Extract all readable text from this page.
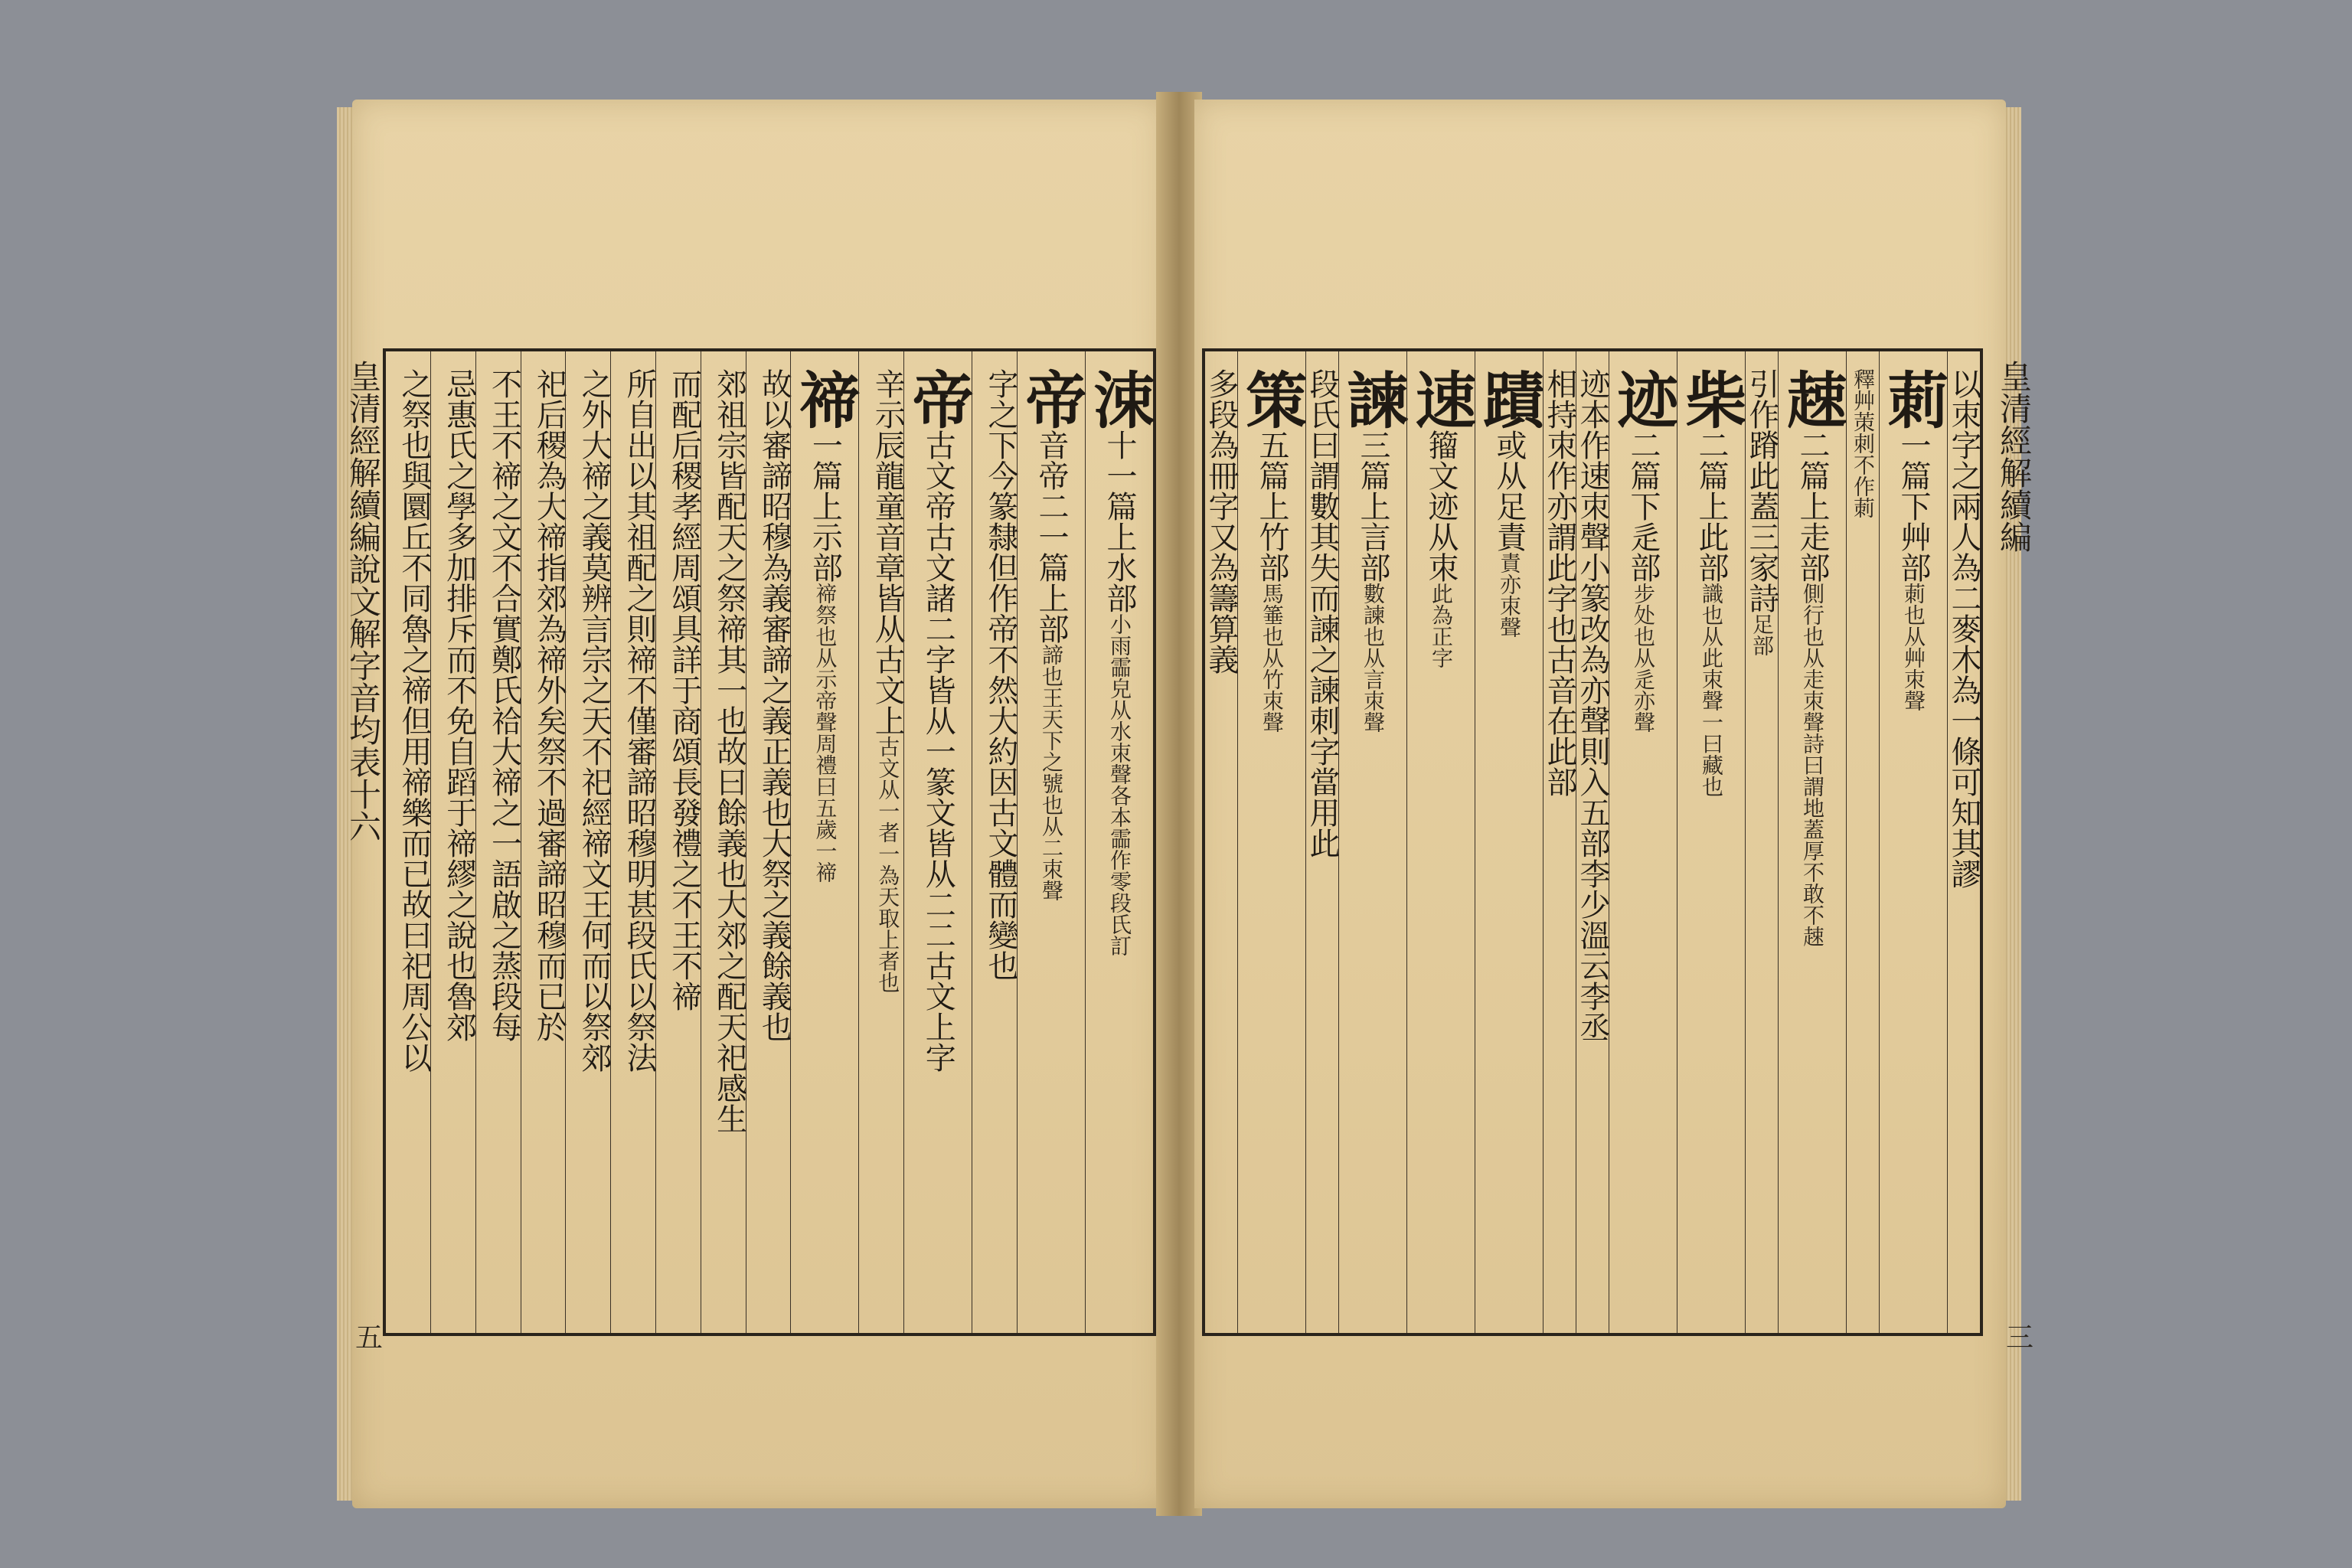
皇清經解續編說文解字音均表十六
涑十一篇上水部小雨霝皃从水朿聲各本霝作零段氏訂
帝音帝二一篇上部諦也王天下之號也从二朿聲
字之下今篆隸但作帝不然大約因古文體而變也
帝古文帝古文諸二字皆从一篆文皆从二二古文上字
辛示辰龍童音章皆从古文上古文从一者一為天取上者也
禘一篇上示部禘祭也从示帝聲周禮曰五歲一禘
故以審諦昭穆為義審諦之義正義也大祭之義餘義也
郊祖宗皆配天之祭禘其一也故曰餘義也大郊之配天祀感生
而配后稷孝經周頌具詳于商頌長發禮之不王不禘
所自出以其祖配之則禘不僅審諦昭穆明甚段氏以祭法
之外大禘之義莫辨言宗之天不祀經禘文王何而以祭郊
祀后稷為大禘指郊為禘外矣祭不過審諦昭穆而已於
不王不禘之文不合實鄭氏祫大禘之一語啟之蒸段每
忌惠氏之學多加排斥而不免自蹈于禘繆之說也魯郊
之祭也與圜丘不同魯之禘但用禘樂而已故曰祀周公以
五
皇清經解續編
以朿字之兩人為二麥木為一條可知其謬
莿一篇下艸部莿也从艸朿聲
釋艸茦刺不作莿
趚二篇上走部側行也从走朿聲詩曰謂地蓋厚不敢不趚
引作蹐此蓋三家詩足部
柴二篇上此部識也从此朿聲一曰藏也
迹二篇下辵部步处也从辵亦聲
迹本作速朿聲小篆改為亦聲則入五部李少溫云李丞
相持朿作亦謂此字也古音在此部
蹟或从足責責亦朿聲
速籀文迹从朿此為正字
諫三篇上言部數諫也从言朿聲
段氏曰謂數其失而諫之諫刺字當用此
策五篇上竹部馬箠也从竹朿聲
多段為冊字又為籌算義
三
